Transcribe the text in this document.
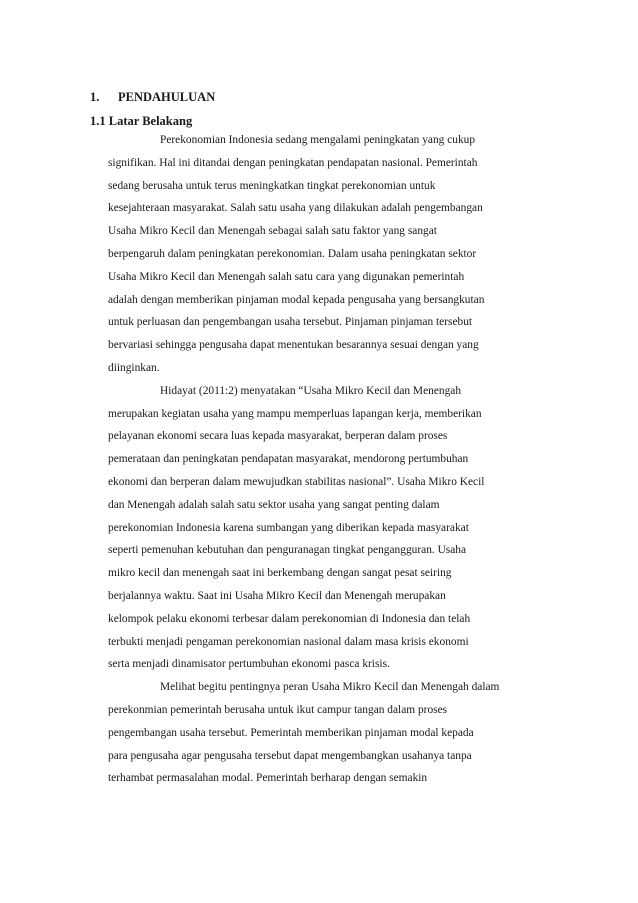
1. PENDAHULUAN
1.1 Latar Belakang
Perekonomian Indonesia sedang mengalami peningkatan yang cukup
signifikan. Hal ini ditandai dengan peningkatan pendapatan nasional. Pemerintah
sedang berusaha untuk terus meningkatkan tingkat perekonomian untuk
kesejahteraan masyarakat. Salah satu usaha yang dilakukan adalah pengembangan
Usaha Mikro Kecil dan Menengah sebagai salah satu faktor yang sangat
berpengaruh dalam peningkatan perekonomian. Dalam usaha peningkatan sektor
Usaha Mikro Kecil dan Menengah salah satu cara yang digunakan pemerintah
adalah dengan memberikan pinjaman modal kepada pengusaha yang bersangkutan
untuk perluasan dan pengembangan usaha tersebut. Pinjaman pinjaman tersebut
bervariasi sehingga pengusaha dapat menentukan besarannya sesuai dengan yang
diinginkan.
Hidayat (2011:2) menyatakan “Usaha Mikro Kecil dan Menengah
merupakan kegiatan usaha yang mampu memperluas lapangan kerja, memberikan
pelayanan ekonomi secara luas kepada masyarakat, berperan dalam proses
pemerataan dan peningkatan pendapatan masyarakat, mendorong pertumbuhan
ekonomi dan berperan dalam mewujudkan stabilitas nasional”. Usaha Mikro Kecil
dan Menengah adalah salah satu sektor usaha yang sangat penting dalam
perekonomian Indonesia karena sumbangan yang diberikan kepada masyarakat
seperti pemenuhan kebutuhan dan penguranagan tingkat pengangguran. Usaha
mikro kecil dan menengah saat ini berkembang dengan sangat pesat seiring
berjalannya waktu. Saat ini Usaha Mikro Kecil dan Menengah merupakan
kelompok pelaku ekonomi terbesar dalam perekonomian di Indonesia dan telah
terbukti menjadi pengaman perekonomian nasional dalam masa krisis ekonomi
serta menjadi dinamisator pertumbuhan ekonomi pasca krisis.
Melihat begitu pentingnya peran Usaha Mikro Kecil dan Menengah dalam
perekonmian pemerintah berusaha untuk ikut campur tangan dalam proses
pengembangan usaha tersebut. Pemerintah memberikan pinjaman modal kepada
para pengusaha agar pengusaha tersebut dapat mengembangkan usahanya tanpa
terhambat permasalahan modal. Pemerintah berharap dengan semakin
